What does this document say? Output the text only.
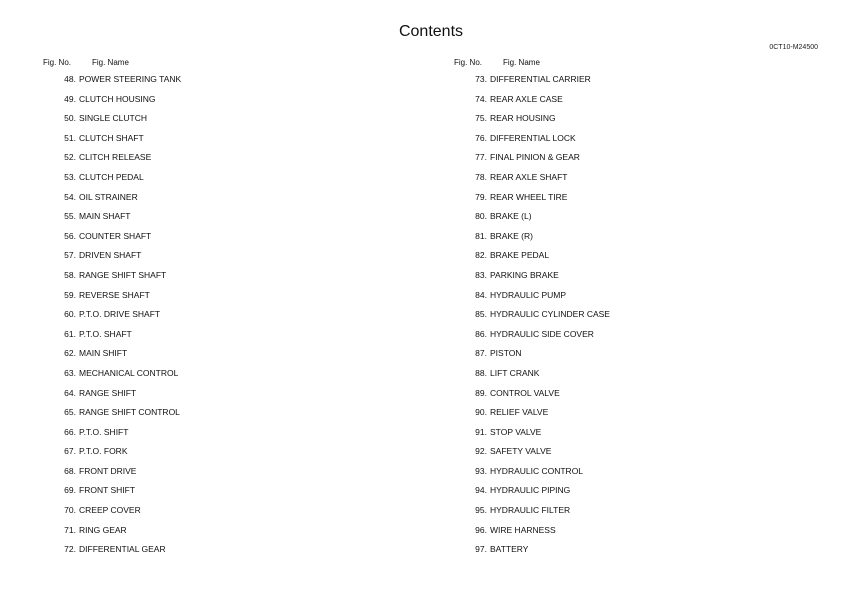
Contents
0CT10-M24500
Fig. No.	Fig. Name
48. POWER STEERING TANK
49. CLUTCH HOUSING
50. SINGLE CLUTCH
51. CLUTCH SHAFT
52. CLITCH RELEASE
53. CLUTCH PEDAL
54. OIL STRAINER
55. MAIN SHAFT
56. COUNTER SHAFT
57. DRIVEN SHAFT
58. RANGE SHIFT SHAFT
59. REVERSE SHAFT
60. P.T.O. DRIVE SHAFT
61. P.T.O. SHAFT
62. MAIN SHIFT
63. MECHANICAL CONTROL
64. RANGE SHIFT
65. RANGE SHIFT CONTROL
66. P.T.O. SHIFT
67. P.T.O. FORK
68. FRONT DRIVE
69. FRONT SHIFT
70. CREEP COVER
71. RING GEAR
72. DIFFERENTIAL GEAR
Fig. No.	Fig. Name
73. DIFFERENTIAL CARRIER
74. REAR AXLE CASE
75. REAR HOUSING
76. DIFFERENTIAL LOCK
77. FINAL PINION & GEAR
78. REAR AXLE SHAFT
79. REAR WHEEL TIRE
80. BRAKE (L)
81. BRAKE (R)
82. BRAKE PEDAL
83. PARKING BRAKE
84. HYDRAULIC PUMP
85. HYDRAULIC CYLINDER CASE
86. HYDRAULIC SIDE COVER
87. PISTON
88. LIFT CRANK
89. CONTROL VALVE
90. RELIEF VALVE
91. STOP VALVE
92. SAFETY VALVE
93. HYDRAULIC CONTROL
94. HYDRAULIC PIPING
95. HYDRAULIC FILTER
96. WIRE HARNESS
97. BATTERY
